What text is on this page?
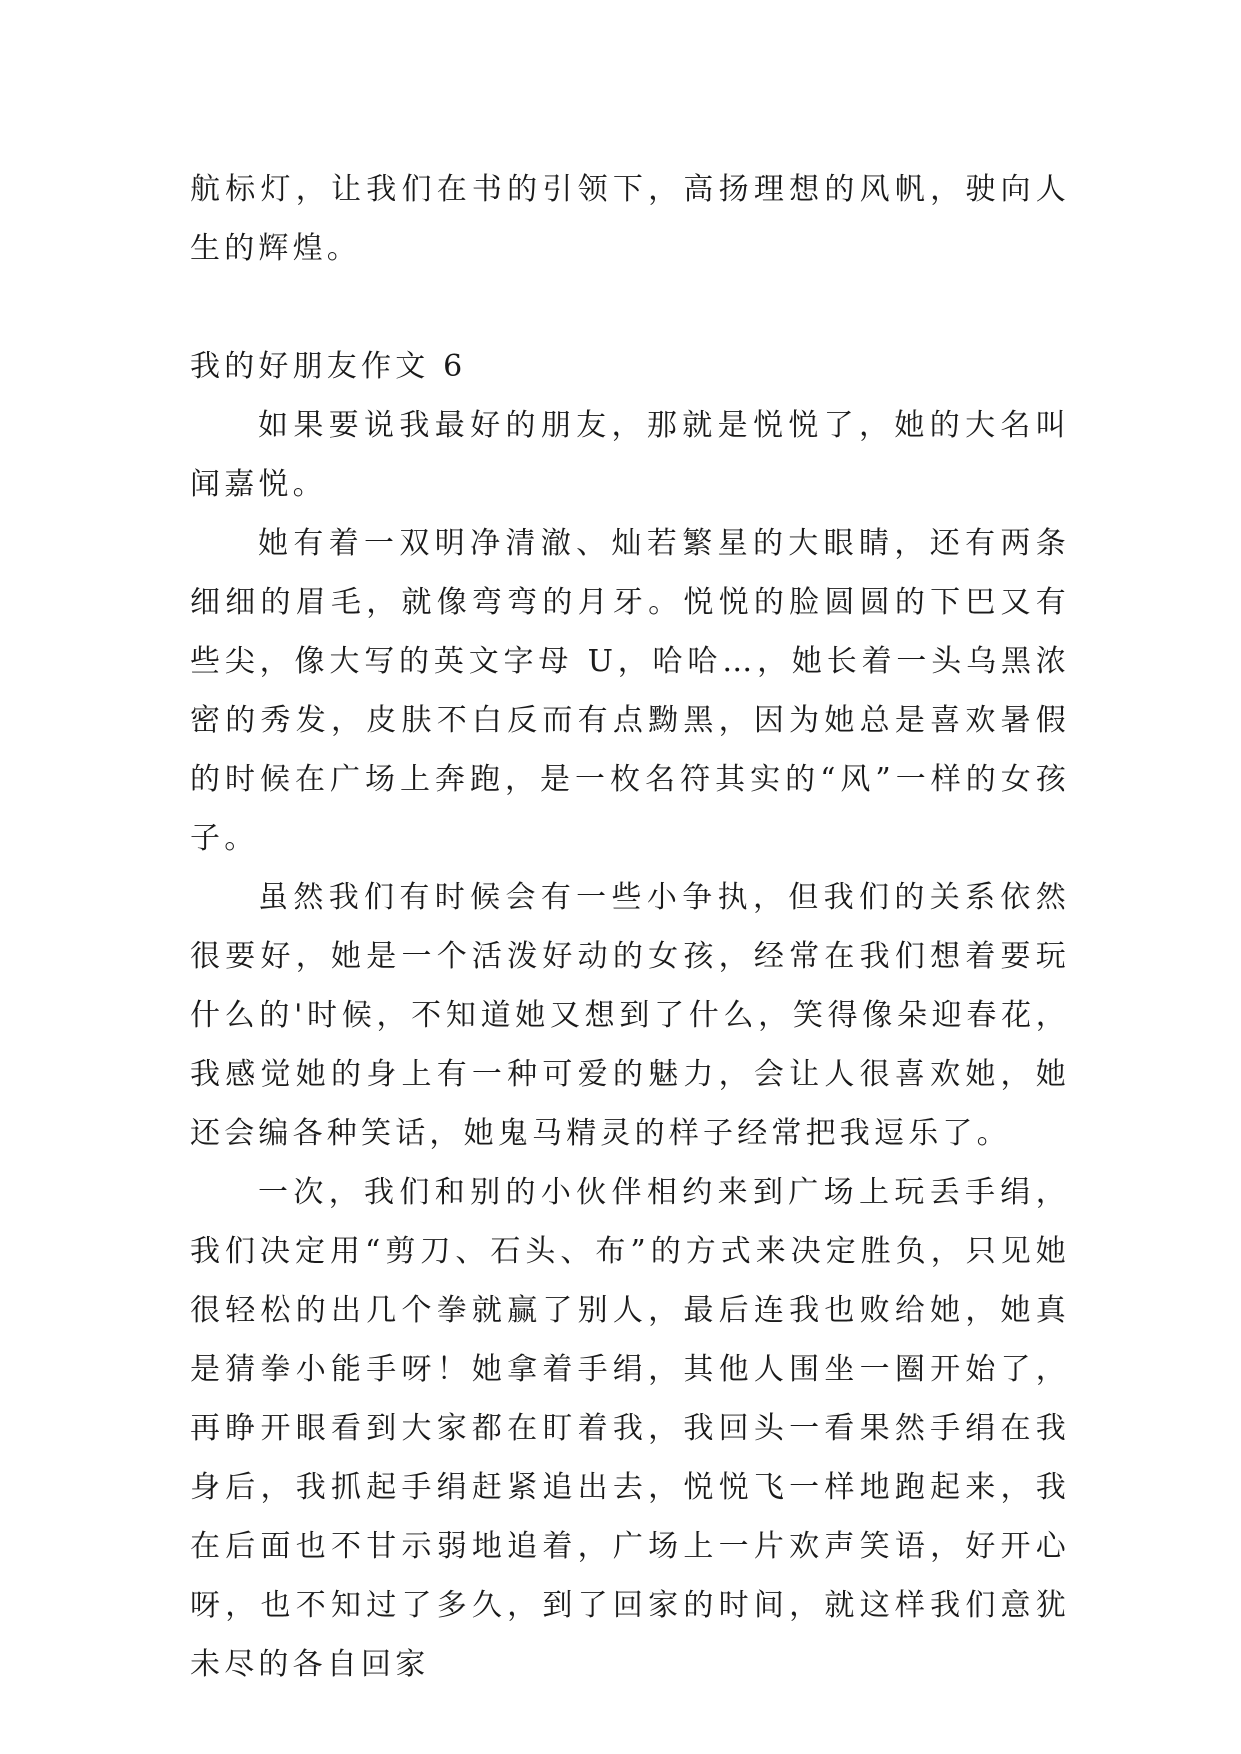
航标灯，让我们在书的引领下，高扬理想的风帆，驶向人生的辉煌。

我的好朋友作文 6

如果要说我最好的朋友，那就是悦悦了，她的大名叫闻嘉悦。

她有着一双明净清澈、灿若繁星的大眼睛，还有两条细细的眉毛，就像弯弯的月牙。悦悦的脸圆圆的下巴又有些尖，像大写的英文字母 U，哈哈…，她长着一头乌黑浓密的秀发，皮肤不白反而有点黝黑，因为她总是喜欢暑假的时候在广场上奔跑，是一枚名符其实的“风”一样的女孩子。

虽然我们有时候会有一些小争执，但我们的关系依然很要好，她是一个活泼好动的女孩，经常在我们想着要玩什么的'时候，不知道她又想到了什么，笑得像朵迎春花，我感觉她的身上有一种可爱的魅力，会让人很喜欢她，她还会编各种笑话，她鬼马精灵的样子经常把我逗乐了。

一次，我们和别的小伙伴相约来到广场上玩丢手绢，我们决定用“剪刀、石头、布”的方式来决定胜负，只见她很轻松的出几个拳就赢了别人，最后连我也败给她，她真是猜拳小能手呀！她拿着手绢，其他人围坐一圈开始了，再睁开眼看到大家都在盯着我，我回头一看果然手绢在我身后，我抓起手绢赶紧追出去，悦悦飞一样地跑起来，我在后面也不甘示弱地追着，广场上一片欢声笑语，好开心呀，也不知过了多久，到了回家的时间，就这样我们意犹未尽的各自回家
